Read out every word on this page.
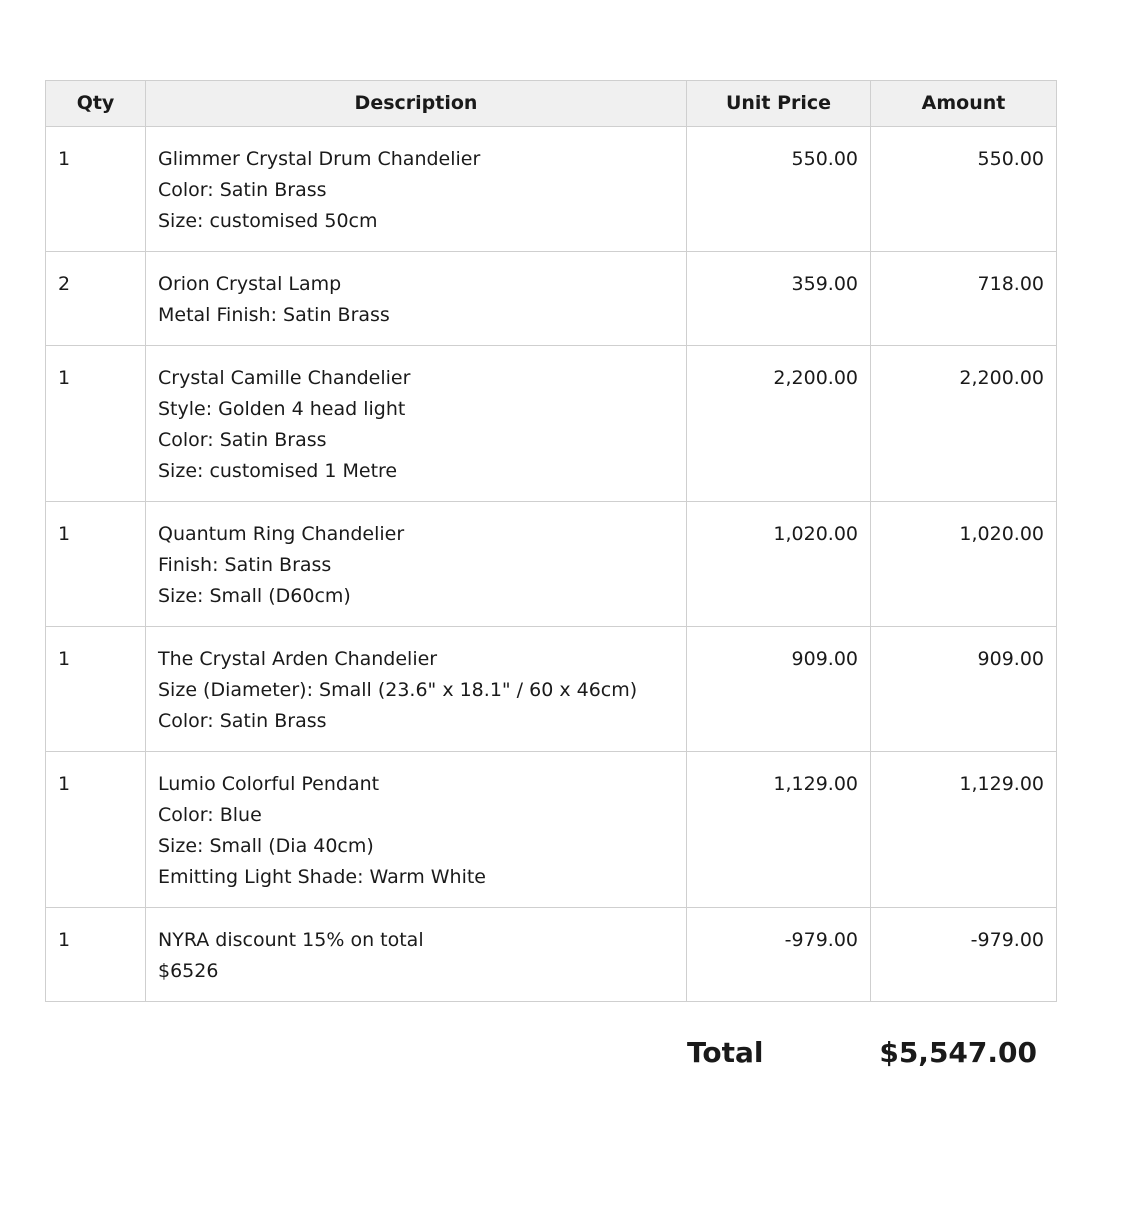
Qty	Description	Unit Price	Amount
1	Glimmer Crystal Drum Chandelier
Color: Satin Brass
Size: customised 50cm	550.00	550.00
2	Orion Crystal Lamp
Metal Finish: Satin Brass	359.00	718.00
1	Crystal Camille Chandelier
Style: Golden 4 head light
Color: Satin Brass
Size: customised 1 Metre	2,200.00	2,200.00
1	Quantum Ring Chandelier
Finish: Satin Brass
Size: Small (D60cm)	1,020.00	1,020.00
1	The Crystal Arden Chandelier
Size (Diameter): Small (23.6" x 18.1" / 60 x 46cm)
Color: Satin Brass	909.00	909.00
1	Lumio Colorful Pendant
Color: Blue
Size: Small (Dia 40cm)
Emitting Light Shade: Warm White	1,129.00	1,129.00
1	NYRA discount 15% on total
$6526	-979.00	-979.00
Total	$5,547.00
